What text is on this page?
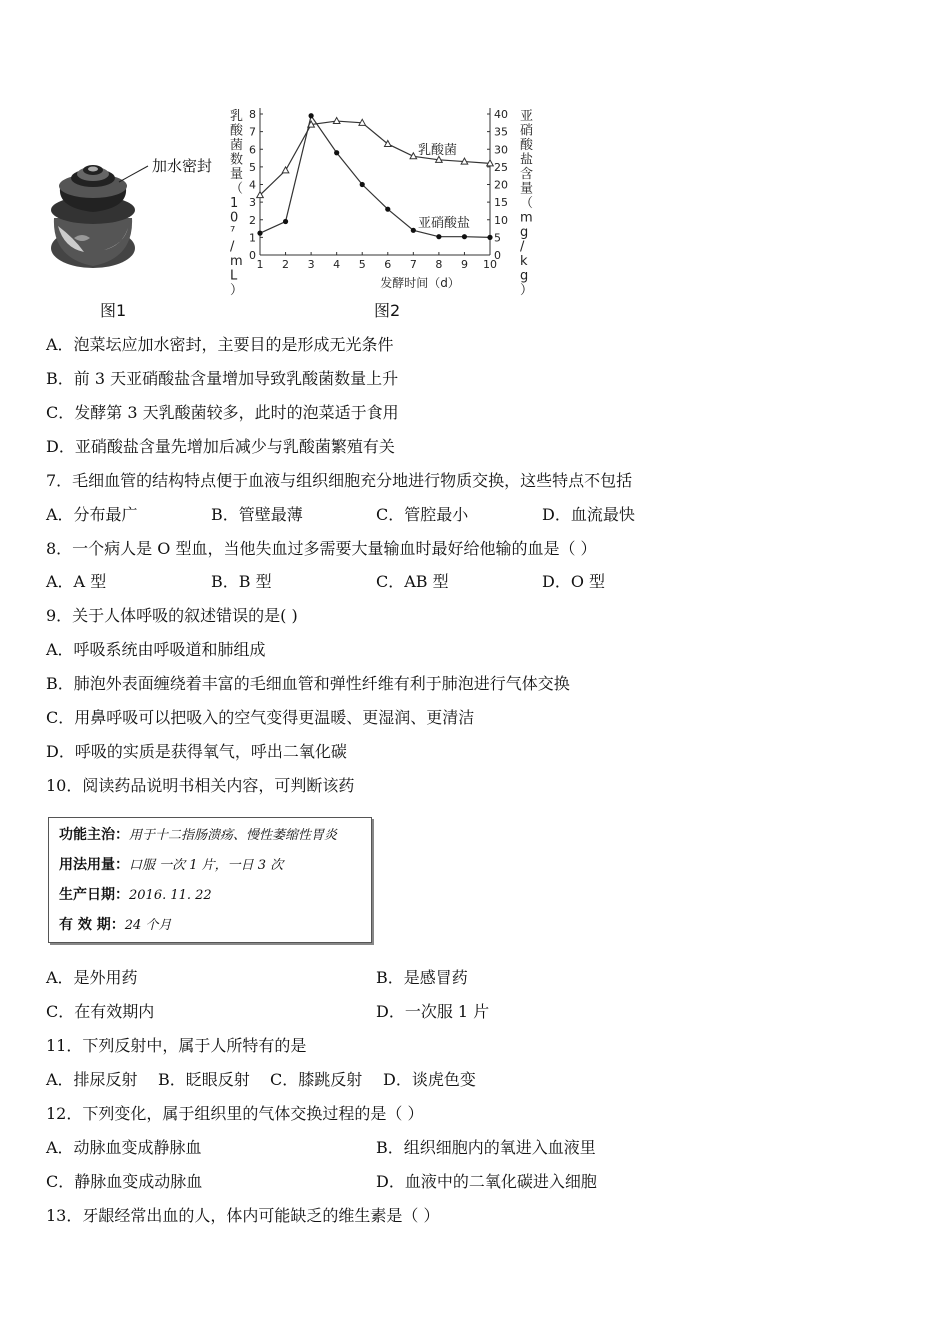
加水密封
图1
0
1
2
3
4
5
6
7
8
0
5
10
15
20
25
30
35
40
1 2 3 4 5 6 7 8 9 10
发酵时间（d）
乳酸菌数量（ 1 0 ⁷ / m L ）
亚硝酸盐含量（ m g / k g ）
乳酸菌
亚硝酸盐
图2
A．泡菜坛应加水密封，主要目的是形成无光条件
B．前 3 天亚硝酸盐含量增加导致乳酸菌数量上升
C．发酵第 3 天乳酸菌较多，此时的泡菜适于食用
D．亚硝酸盐含量先增加后减少与乳酸菌繁殖有关
7．毛细血管的结构特点便于血液与组织细胞充分地进行物质交换，这些特点不包括
A．分布最广	B．管壁最薄	C．管腔最小	D．血流最快
8．一个病人是 O 型血，当他失血过多需要大量输血时最好给他输的血是（ ）
A．A 型	B．B 型	C．AB 型	D．O 型
9．关于人体呼吸的叙述错误的是( )
A．呼吸系统由呼吸道和肺组成
B．肺泡外表面缠绕着丰富的毛细血管和弹性纤维有利于肺泡进行气体交换
C．用鼻呼吸可以把吸入的空气变得更温暖、更湿润、更清洁
D．呼吸的实质是获得氧气，呼出二氧化碳
10．阅读药品说明书相关内容，可判断该药
功能主治：用于十二指肠溃疡、慢性萎缩性胃炎
用法用量：口服 一次 1 片，一日 3 次
生产日期：2016. 11. 22
有 效 期：24 个月
A．是外用药	B．是感冒药
C．在有效期内	D．一次服 1 片
11．下列反射中，属于人所特有的是
A．排尿反射 B．眨眼反射 C．膝跳反射 D．谈虎色变
12．下列变化，属于组织里的气体交换过程的是（ ）
A．动脉血变成静脉血	B．组织细胞内的氧进入血液里
C．静脉血变成动脉血	D．血液中的二氧化碳进入细胞
13．牙龈经常出血的人，体内可能缺乏的维生素是（ ）
